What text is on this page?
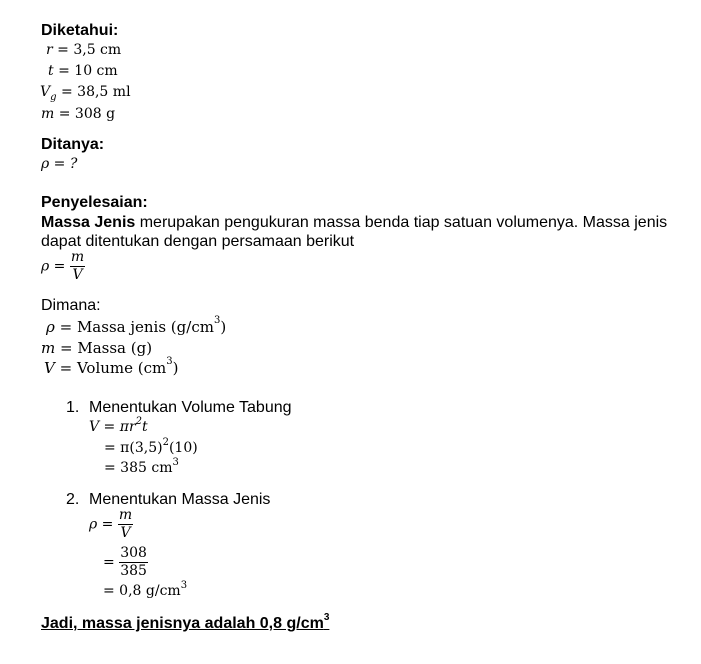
Diketahui:
r = 3,5 cm
t = 10 cm
$V_g = 38,5$ ml
m = 308 g
Ditanya:
ρ = ?
Penyelesaian:
Massa Jenis merupakan pengukuran massa benda tiap satuan volumenya. Massa jenis
dapat ditentukan dengan persamaan berikut
$\rho = \frac{m}{V}$
Dimana:
ρ = Massa jenis $(g/cm^3)$
m = Massa (g)
V = Volume $(cm^3)$
1. Menentukan Volume Tabung
$V = \pi r^2t$
= $\pi(3,5)^2(10)$
= 385 $cm^3$
2. Menentukan Massa Jenis
$\rho = \frac{m}{V}$
= $\frac{308}{385}$
= 0,8 $g/cm^3$
Jadi, massa jenisnya adalah 0,8 $g/cm^3$
